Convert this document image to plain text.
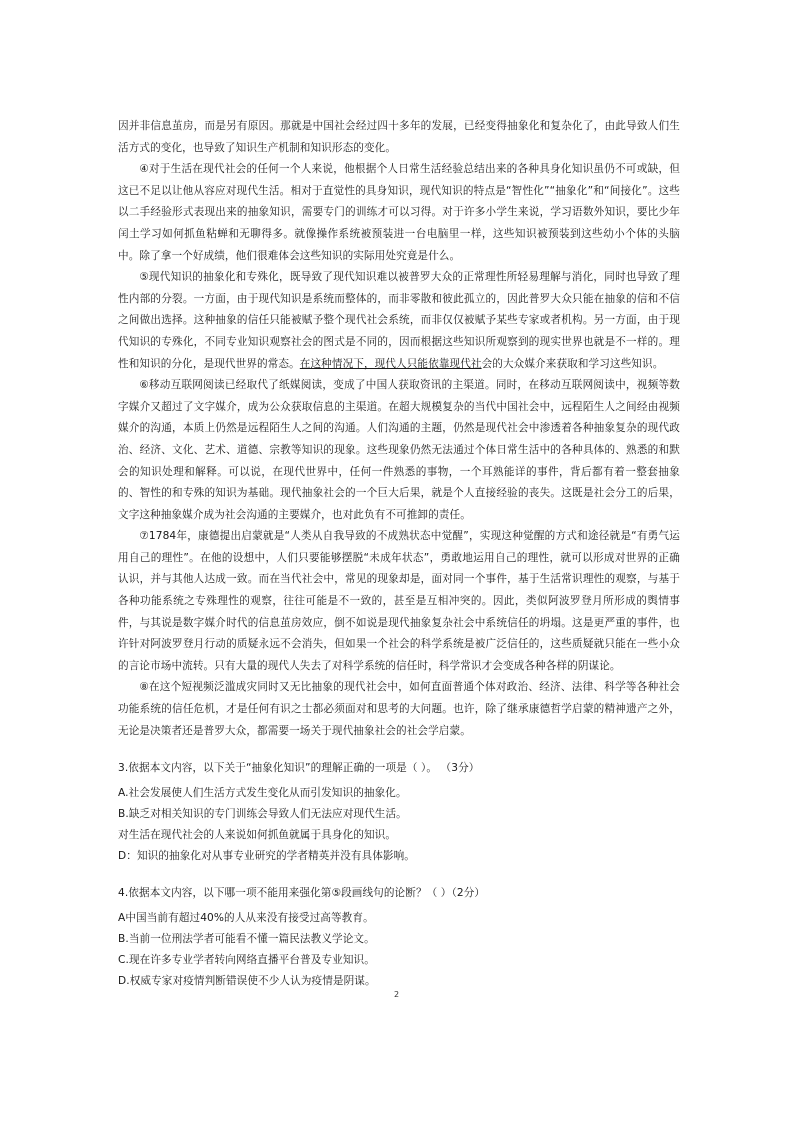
因并非信息茧房，而是另有原因。那就是中国社会经过四十多年的发展，已经变得抽象化和复杂化了，由此导致人们生活方式的变化，也导致了知识生产机制和知识形态的变化。

④对于生活在现代社会的任何一个人来说，他根据个人日常生活经验总结出来的各种具身化知识虽仍不可或缺，但这已不足以让他从容应对现代生活。相对于直觉性的具身知识，现代知识的特点是“智性化”“抽象化”和“间接化”。这些以二手经验形式表现出来的抽象知识，需要专门的训练才可以习得。对于许多小学生来说，学习语数外知识，要比少年闰土学习如何抓鱼粘蝉和无聊得多。就像操作系统被预装进一台电脑里一样，这些知识被预装到这些幼小个体的头脑中。除了拿一个好成绩，他们很难体会这些知识的实际用处究竟是什么。

⑤现代知识的抽象化和专殊化，既导致了现代知识难以被普罗大众的正常理性所轻易理解与消化，同时也导致了理性内部的分裂。一方面，由于现代知识是系统而整体的，而非零散和彼此孤立的，因此普罗大众只能在抽象的信和不信之间做出选择。这种抽象的信任只能被赋予整个现代社会系统，而非仅仅被赋予某些专家或者机构。另一方面，由于现代知识的专殊化，不同专业知识观察社会的图式是不同的，因而根据这些知识所观察到的现实世界也就是不一样的。理性和知识的分化，是现代世界的常态。在这种情况下，现代人只能依靠现代社会的大众媒介来获取和学习这些知识。

⑥移动互联网阅读已经取代了纸媒阅读，变成了中国人获取资讯的主渠道。同时，在移动互联网阅读中，视频等数字媒介又超过了文字媒介，成为公众获取信息的主渠道。在超大规模复杂的当代中国社会中，远程陌生人之间经由视频媒介的沟通，本质上仍然是远程陌生人之间的沟通。人们沟通的主题，仍然是现代社会中渗透着各种抽象复杂的现代政治、经济、文化、艺术、道德、宗教等知识的现象。这些现象仍然无法通过个体日常生活中的各种具体的、熟悉的和默会的知识处理和解释。可以说，在现代世界中，任何一件熟悉的事物，一个耳熟能详的事件，背后都有着一整套抽象的、智性的和专殊的知识为基础。现代抽象社会的一个巨大后果，就是个人直接经验的丧失。这既是社会分工的后果，文字这种抽象媒介成为社会沟通的主要媒介，也对此负有不可推卸的责任。

⑦1784年，康德提出启蒙就是“人类从自我导致的不成熟状态中觉醒”，实现这种觉醒的方式和途径就是“有勇气运用自己的理性”。在他的设想中，人们只要能够摆脱“未成年状态”，勇敢地运用自己的理性，就可以形成对世界的正确认识，并与其他人达成一致。而在当代社会中，常见的现象却是，面对同一个事件，基于生活常识理性的观察，与基于各种功能系统之专殊理性的观察，往往可能是不一致的，甚至是互相冲突的。因此，类似阿波罗登月所形成的舆情事件，与其说是数字媒介时代的信息茧房效应，倒不如说是现代抽象复杂社会中系统信任的坍塌。这是更严重的事件，也许针对阿波罗登月行动的质疑永远不会消失，但如果一个社会的科学系统是被广泛信任的，这些质疑就只能在一些小众的言论市场中流转。只有大量的现代人失去了对科学系统的信任时，科学常识才会变成各种各样的阴谋论。

⑧在这个短视频泛滥成灾同时又无比抽象的现代社会中，如何直面普通个体对政治、经济、法律、科学等各种社会功能系统的信任危机，才是任何有识之士都必须面对和思考的大问题。也许，除了继承康德哲学启蒙的精神遗产之外，无论是决策者还是普罗大众，都需要一场关于现代抽象社会的社会学启蒙。

3.依据本文内容，以下关于“抽象化知识”的理解正确的一项是（ ）。 （3分）

A.社会发展使人们生活方式发生变化从而引发知识的抽象化。

B.缺乏对相关知识的专门训练会导致人们无法应对现代生活。

对生活在现代社会的人来说如何抓鱼就属于具身化的知识。

D：知识的抽象化对从事专业研究的学者精英并没有具体影响。

4.依据本文内容，以下哪一项不能用来强化第⑤段画线句的论断？（ ）（2分）

A中国当前有超过40%的人从来没有接受过高等教育。

B.当前一位刑法学者可能看不懂一篇民法教义学论文。

C.现在许多专业学者转向网络直播平台普及专业知识。

D.权威专家对疫情判断错误使不少人认为疫情是阴谋。

2
